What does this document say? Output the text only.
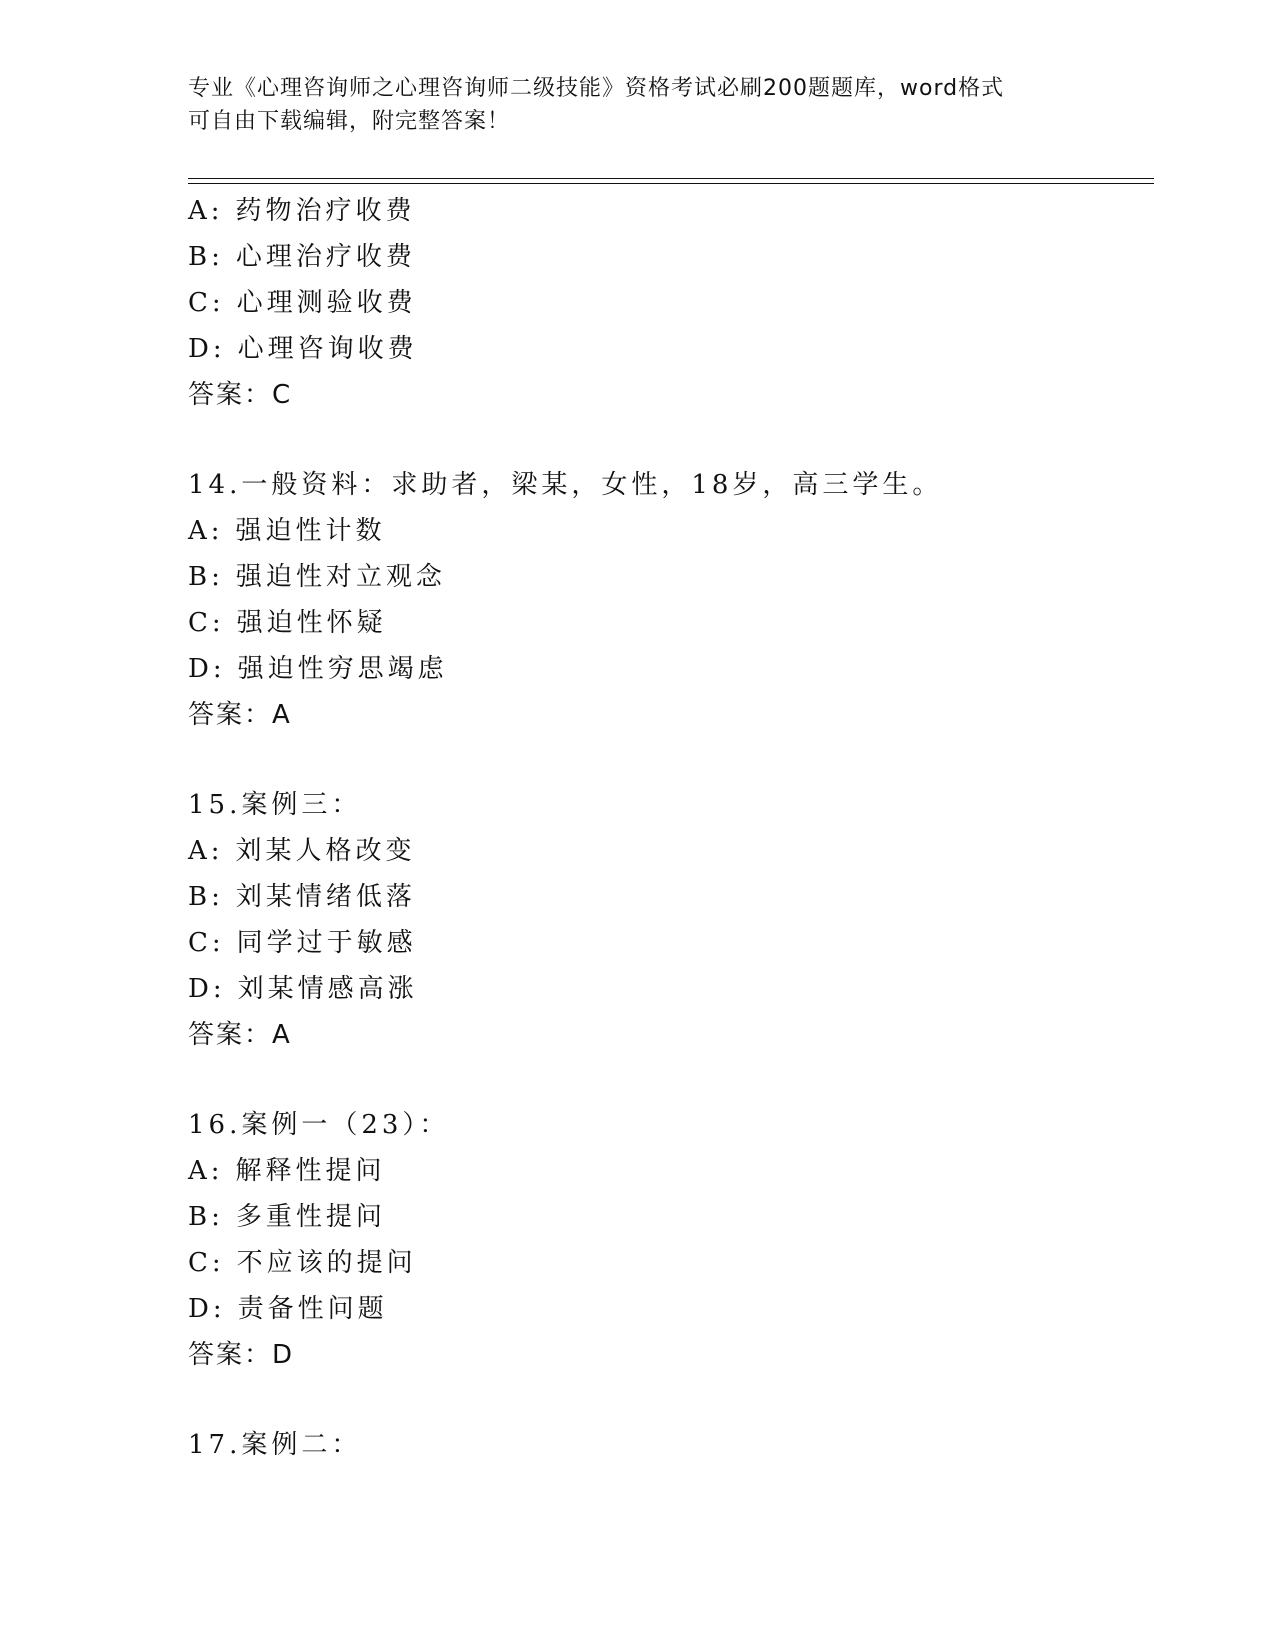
专业《心理咨询师之心理咨询师二级技能》资格考试必刷200题题库，word格式
可自由下载编辑，附完整答案！
A: 药物治疗收费
B: 心理治疗收费
C: 心理测验收费
D: 心理咨询收费
答案：C
14.一般资料：求助者，梁某，女性，18岁，高三学生。
A: 强迫性计数
B: 强迫性对立观念
C: 强迫性怀疑
D: 强迫性穷思竭虑
答案：A
15.案例三：
A: 刘某人格改变
B: 刘某情绪低落
C: 同学过于敏感
D: 刘某情感高涨
答案：A
16.案例一（23）：
A: 解释性提问
B: 多重性提问
C: 不应该的提问
D: 责备性问题
答案：D
17.案例二：
